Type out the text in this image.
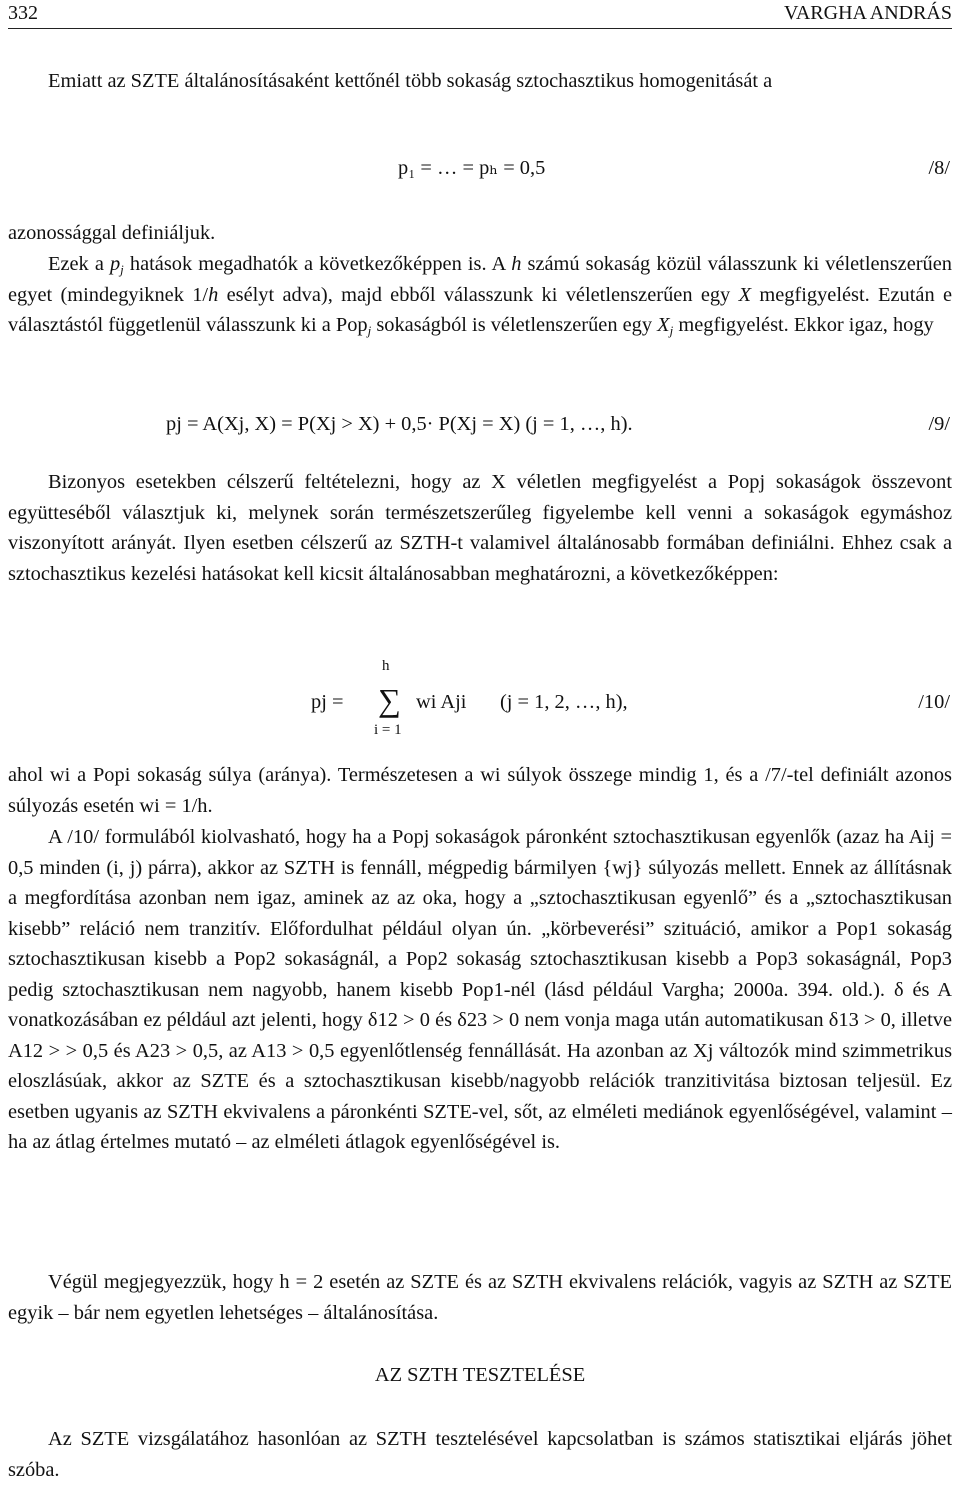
332	VARGHA ANDRÁS

Emiatt az SZTE általánosításaként kettőnél több sokaság sztochasztikus homogenitását a

p₁ = … = pₕ = 0,5	/8/

azonossággal definiáljuk.

Ezek a $p_j$ hatások megadhatók a következőképpen is. A h számú sokaság közül válasszunk ki véletlenszerűen egyet (mindegyiknek 1/h esélyt adva), majd ebből válasszunk ki véletlenszerűen egy X megfigyelést. Ezután e választástól függetlenül válasszunk ki a Pop$_j$ sokaságból is véletlenszerűen egy $X_j$ megfigyelést. Ekkor igaz, hogy

pj = A(Xj, X) = P(Xj > X) + 0,5· P(Xj = X) (j = 1, …, h).	/9/

Bizonyos esetekben célszerű feltételezni, hogy az X véletlen megfigyelést a Popj sokaságok összevont együtteséből választjuk ki, melynek során természetszerűleg figyelembe kell venni a sokaságok egymáshoz viszonyított arányát. Ilyen esetben célszerű az SZTH-t valamivel általánosabb formában definiálni. Ehhez csak a sztochasztikus kezelési hatásokat kell kicsit általánosabban meghatározni, a következőképpen:

pj =
h
∑
i = 1
wi Aji (j = 1, 2, …, h),	/10/

ahol wi a Popi sokaság súlya (aránya). Természetesen a wi súlyok összege mindig 1, és a /7/-tel definiált azonos súlyozás esetén wi = 1/h.

A /10/ formulából kiolvasható, hogy ha a Popj sokaságok páronként sztochasztikusan egyenlők (azaz ha Aij = 0,5 minden (i, j) párra), akkor az SZTH is fennáll, mégpedig bármilyen {wj} súlyozás mellett. Ennek az állításnak a megfordítása azonban nem igaz, aminek az az oka, hogy a „sztochasztikusan egyenlő” és a „sztochasztikusan kisebb” reláció nem tranzitív. Előfordulhat például olyan ún. „körbeverési” szituáció, amikor a Pop1 sokaság sztochasztikusan kisebb a Pop2 sokaságnál, a Pop2 sokaság sztochasztikusan kisebb a Pop3 sokaságnál, Pop3 pedig sztochasztikusan nem nagyobb, hanem kisebb Pop1-nél (lásd például Vargha; 2000a. 394. old.). δ és A vonatkozásában ez például azt jelenti, hogy δ12 > 0 és δ23 > 0 nem vonja maga után automatikusan δ13 > 0, illetve A12 > > 0,5 és A23 > 0,5, az A13 > 0,5 egyenlőtlenség fennállását. Ha azonban az Xj változók mind szimmetrikus eloszlásúak, akkor az SZTE és a sztochasztikusan kisebb/nagyobb relációk tranzitivitása biztosan teljesül. Ez esetben ugyanis az SZTH ekvivalens a páronkénti SZTE-vel, sőt, az elméleti mediánok egyenlőségével, valamint – ha az átlag értelmes mutató – az elméleti átlagok egyenlőségével is.

Végül megjegyezzük, hogy h = 2 esetén az SZTE és az SZTH ekvivalens relációk, vagyis az SZTH az SZTE egyik – bár nem egyetlen lehetséges – általánosítása.

AZ SZTH TESZTELÉSE

Az SZTE vizsgálatához hasonlóan az SZTH tesztelésével kapcsolatban is számos statisztikai eljárás jöhet szóba.
